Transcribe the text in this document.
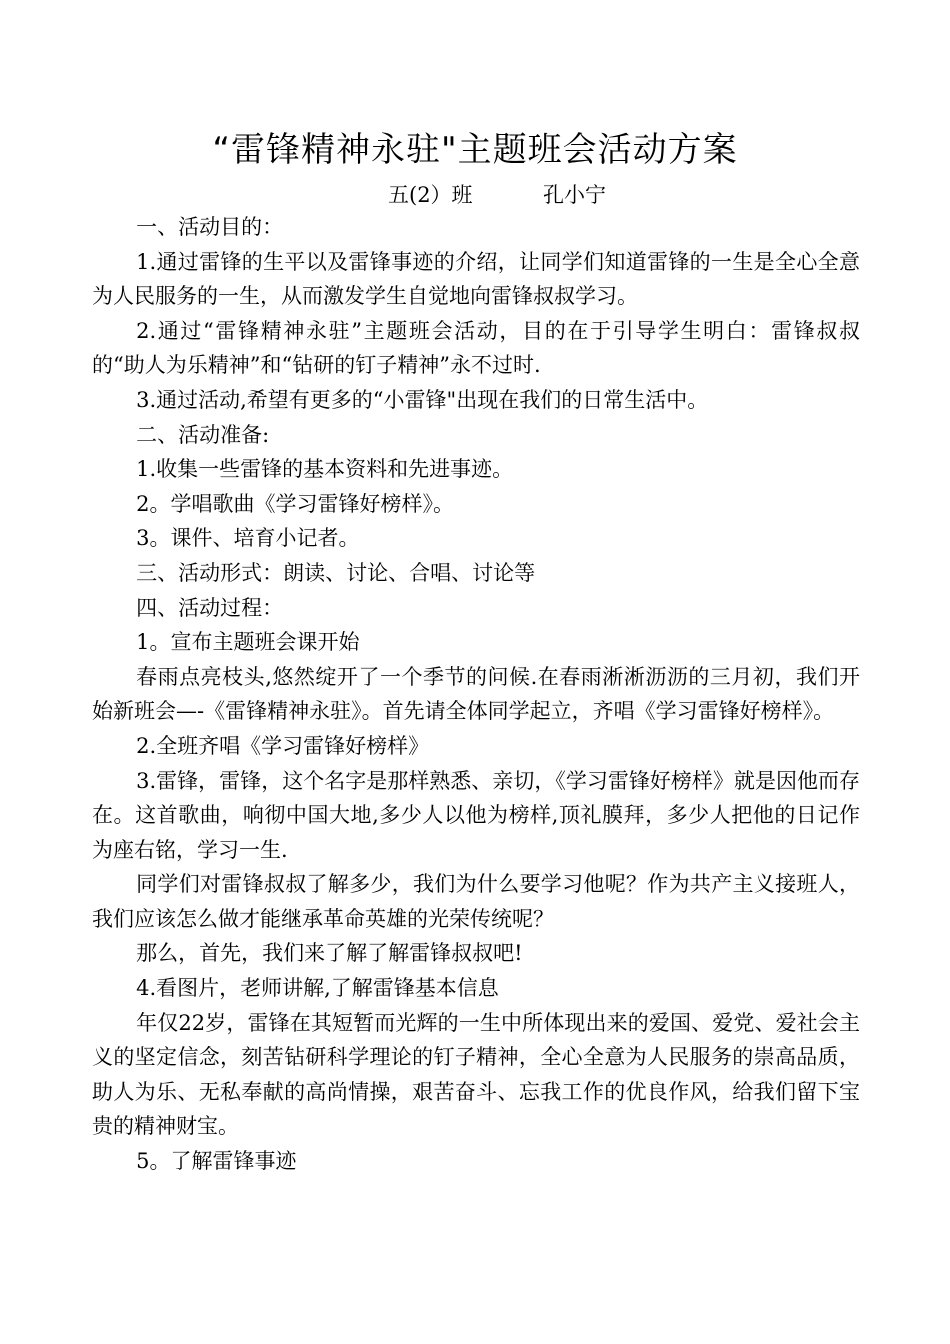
“雷锋精神永驻"主题班会活动方案
五(2）班	孔小宁

一、活动目的：

1.通过雷锋的生平以及雷锋事迹的介绍，让同学们知道雷锋的一生是全心全意为人民服务的一生，从而激发学生自觉地向雷锋叔叔学习。

2.通过“雷锋精神永驻”主题班会活动，目的在于引导学生明白：雷锋叔叔的“助人为乐精神”和“钻研的钉子精神”永不过时.

3.通过活动,希望有更多的“小雷锋"出现在我们的日常生活中。

二、活动准备:

1.收集一些雷锋的基本资料和先进事迹。

2。学唱歌曲《学习雷锋好榜样》。

3。课件、培育小记者。

三、活动形式：朗读、讨论、合唱、讨论等

四、活动过程：

1。宣布主题班会课开始

春雨点亮枝头,悠然绽开了一个季节的问候.在春雨淅淅沥沥的三月初，我们开始新班会—-《雷锋精神永驻》。首先请全体同学起立，齐唱《学习雷锋好榜样》。

2.全班齐唱《学习雷锋好榜样》

3.雷锋，雷锋，这个名字是那样熟悉、亲切，《学习雷锋好榜样》就是因他而存在。这首歌曲，响彻中国大地,多少人以他为榜样,顶礼膜拜，多少人把他的日记作为座右铭，学习一生.

同学们对雷锋叔叔了解多少，我们为什么要学习他呢？作为共产主义接班人，我们应该怎么做才能继承革命英雄的光荣传统呢？

那么，首先，我们来了解了解雷锋叔叔吧!

4.看图片，老师讲解,了解雷锋基本信息

年仅22岁，雷锋在其短暂而光辉的一生中所体现出来的爱国、爱党、爱社会主义的坚定信念，刻苦钻研科学理论的钉子精神，全心全意为人民服务的崇高品质，助人为乐、无私奉献的高尚情操，艰苦奋斗、忘我工作的优良作风，给我们留下宝贵的精神财宝。

5。了解雷锋事迹
